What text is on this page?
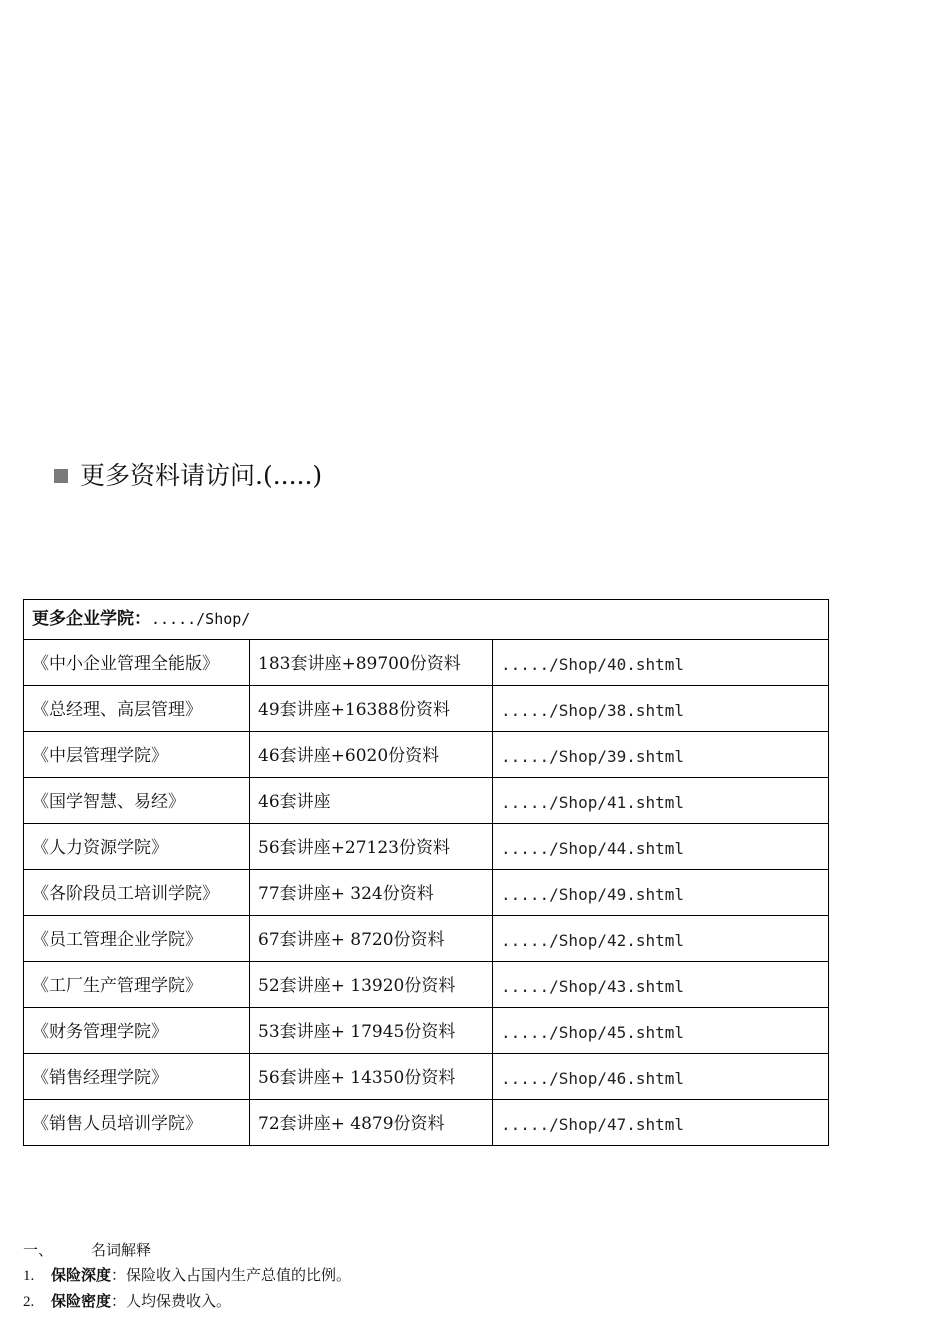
更多资料请访问.(.....)
更多企业学院：...../Shop/		
《中小企业管理全能版》	183套讲座+89700份资料	...../Shop/40.shtml
《总经理、高层管理》	49套讲座+16388份资料	...../Shop/38.shtml
《中层管理学院》	46套讲座+6020份资料	...../Shop/39.shtml
《国学智慧、易经》	46套讲座	...../Shop/41.shtml
《人力资源学院》	56套讲座+27123份资料	...../Shop/44.shtml
《各阶段员工培训学院》	77套讲座+ 324份资料	...../Shop/49.shtml
《员工管理企业学院》	67套讲座+ 8720份资料	...../Shop/42.shtml
《工厂生产管理学院》	52套讲座+ 13920份资料	...../Shop/43.shtml
《财务管理学院》	53套讲座+ 17945份资料	...../Shop/45.shtml
《销售经理学院》	56套讲座+ 14350份资料	...../Shop/46.shtml
《销售人员培训学院》	72套讲座+ 4879份资料	...../Shop/47.shtml
一、	名词解释
1. 保险深度：保险收入占国内生产总值的比例。
2. 保险密度：人均保费收入。
